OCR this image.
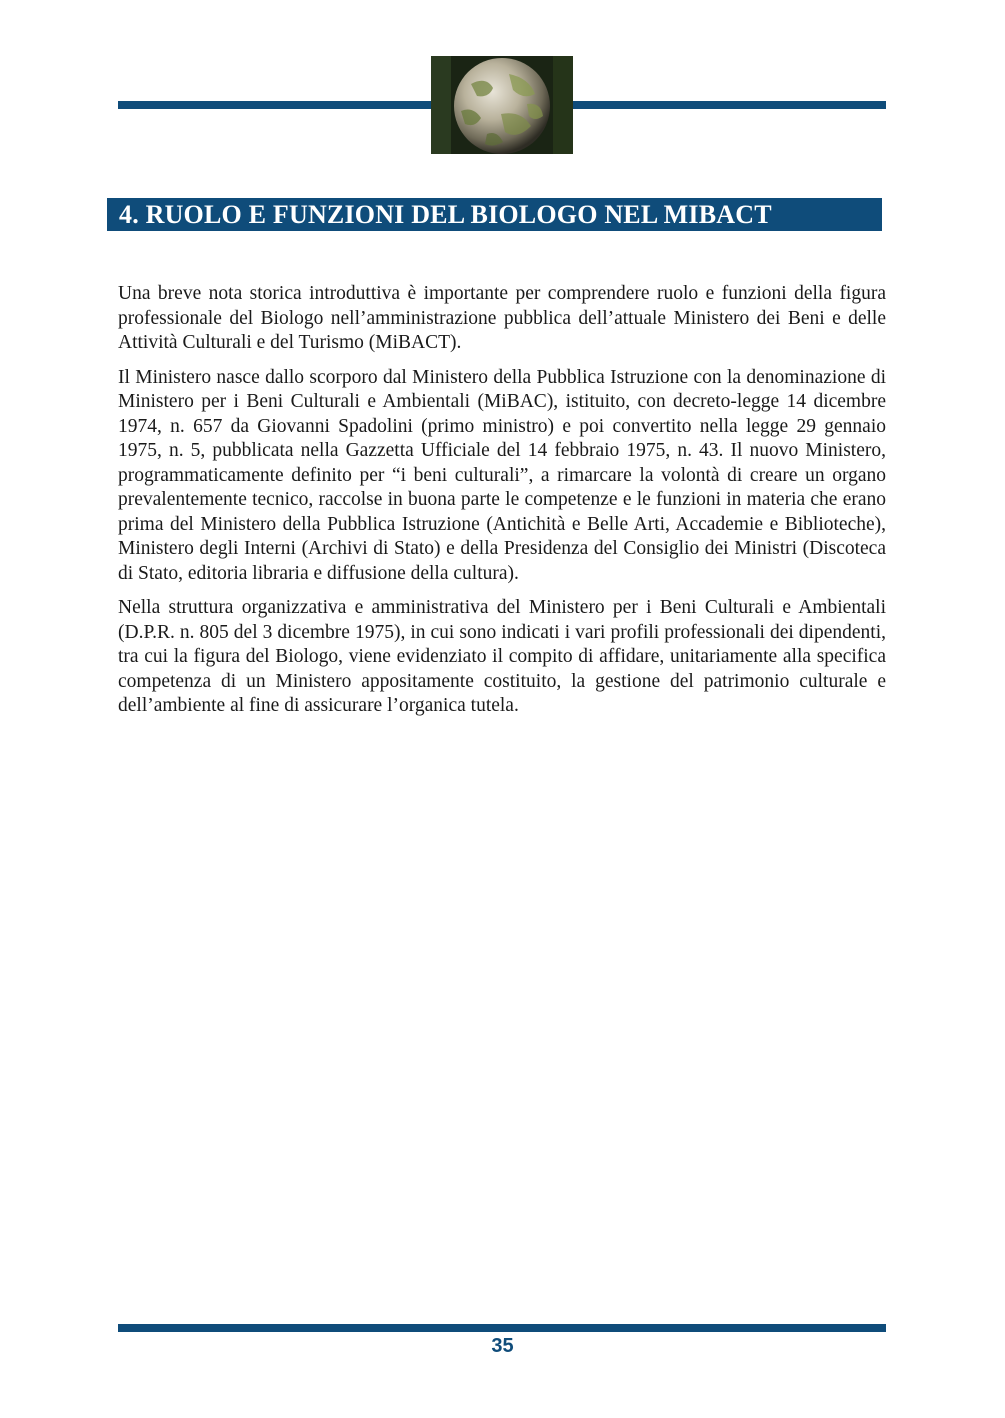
4. RUOLO E FUNZIONI DEL BIOLOGO NEL MIBACT

Una breve nota storica introduttiva è importante per comprendere ruolo e funzioni della figura professionale del Biologo nell’amministrazione pubblica dell’attuale Ministero dei Beni e delle Attività Culturali e del Turismo (MiBACT).

Il Ministero nasce dallo scorporo dal Ministero della Pubblica Istruzione con la denominazione di Ministero per i Beni Culturali e Ambientali (MiBAC), istituito, con decreto-legge 14 dicembre 1974, n. 657 da Giovanni Spadolini (primo ministro) e poi convertito nella legge 29 gennaio 1975, n. 5, pubblicata nella Gazzetta Ufficiale del 14 febbraio 1975, n. 43. Il nuovo Ministero, programmaticamente definito per “i beni culturali”, a rimarcare la volontà di creare un organo prevalentemente tecnico, raccolse in buona parte le competenze e le funzioni in materia che erano prima del Ministero della Pubblica Istruzione (Antichità e Belle Arti, Accademie e Biblioteche), Ministero degli Interni (Archivi di Stato) e della Presidenza del Consiglio dei Ministri (Discoteca di Stato, editoria libraria e diffusione della cultura).

Nella struttura organizzativa e amministrativa del Ministero per i Beni Culturali e Ambientali (D.P.R. n. 805 del 3 dicembre 1975), in cui sono indicati i vari profili professionali dei dipendenti, tra cui la figura del Biologo, viene evidenziato il compito di affidare, unitariamente alla specifica competenza di un Ministero appositamente costituito, la gestione del patrimonio culturale e dell’ambiente al fine di assicurare l’organica tutela.

35
